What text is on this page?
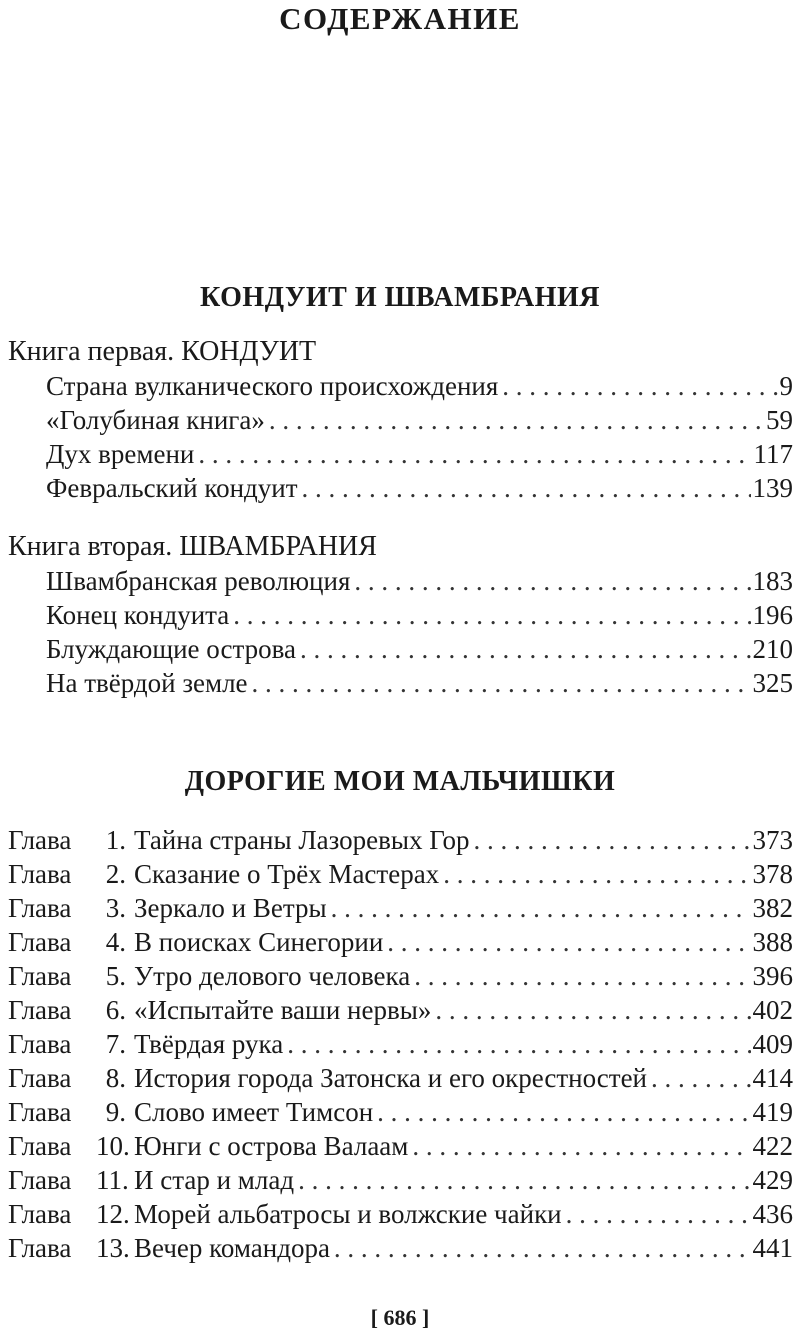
СОДЕРЖАНИЕ
КОНДУИТ И ШВАМБРАНИЯ
Книга первая. КОНДУИТ
Страна вулканического происхождения . . .	9
«Голубиная книга» . . .	59
Дух времени . . .	117
Февральский кондуит . . .	139
Книга вторая. ШВАМБРАНИЯ
Швамбранская революция . . .	183
Конец кондуита . . .	196
Блуждающие острова . . .	210
На твёрдой земле . . .	325
ДОРОГИЕ МОИ МАЛЬЧИШКИ
Глава 1. Тайна страны Лазоревых Гор . . .	373
Глава 2. Сказание о Трёх Мастерах . . .	378
Глава 3. Зеркало и Ветры . . .	382
Глава 4. В поисках Синегории . . .	388
Глава 5. Утро делового человека . . .	396
Глава 6. «Испытайте ваши нервы» . . .	402
Глава 7. Твёрдая рука . . .	409
Глава 8. История города Затонска и его окрестностей . . .	414
Глава 9. Слово имеет Тимсон . . .	419
Глава 10. Юнги с острова Валаам . . .	422
Глава 11. И стар и млад . . .	429
Глава 12. Морей альбатросы и волжские чайки . . .	436
Глава 13. Вечер командора . . .	441
[ 686 ]
